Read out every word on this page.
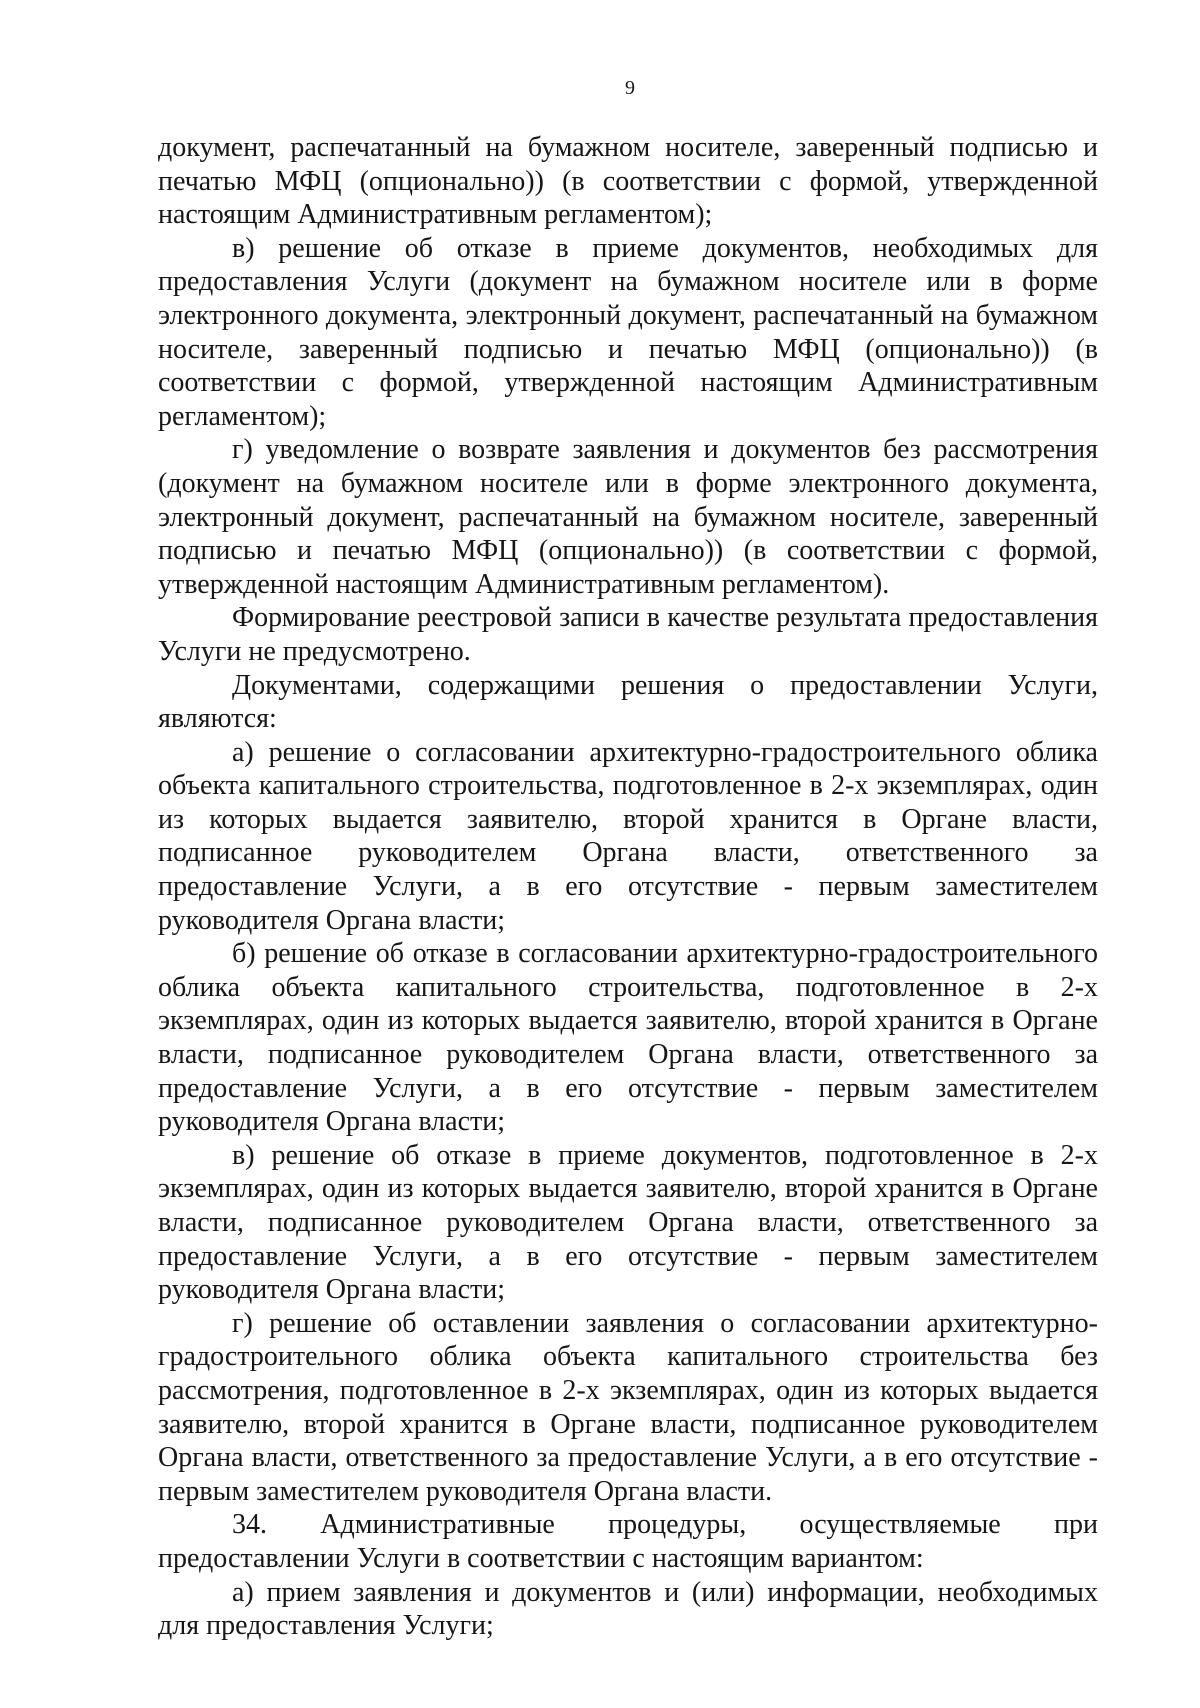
9

документ, распечатанный на бумажном носителе, заверенный подписью и печатью МФЦ (опционально)) (в соответствии с формой, утвержденной настоящим Административным регламентом);

в) решение об отказе в приеме документов, необходимых для предоставления Услуги (документ на бумажном носителе или в форме электронного документа, электронный документ, распечатанный на бумажном носителе, заверенный подписью и печатью МФЦ (опционально)) (в соответствии с формой, утвержденной настоящим Административным регламентом);

г) уведомление о возврате заявления и документов без рассмотрения (документ на бумажном носителе или в форме электронного документа, электронный документ, распечатанный на бумажном носителе, заверенный подписью и печатью МФЦ (опционально)) (в соответствии с формой, утвержденной настоящим Административным регламентом).

Формирование реестровой записи в качестве результата предоставления Услуги не предусмотрено.

Документами, содержащими решения о предоставлении Услуги, являются:

а) решение о согласовании архитектурно-градостроительного облика объекта капитального строительства, подготовленное в 2-х экземплярах, один из которых выдается заявителю, второй хранится в Органе власти, подписанное руководителем Органа власти, ответственного за предоставление Услуги, а в его отсутствие - первым заместителем руководителя Органа власти;

б) решение об отказе в согласовании архитектурно-градостроительного облика объекта капитального строительства, подготовленное в 2-х экземплярах, один из которых выдается заявителю, второй хранится в Органе власти, подписанное руководителем Органа власти, ответственного за предоставление Услуги, а в его отсутствие - первым заместителем руководителя Органа власти;

в) решение об отказе в приеме документов, подготовленное в 2-х экземплярах, один из которых выдается заявителю, второй хранится в Органе власти, подписанное руководителем Органа власти, ответственного за предоставление Услуги, а в его отсутствие - первым заместителем руководителя Органа власти;

г) решение об оставлении заявления о согласовании архитектурно-градостроительного облика объекта капитального строительства без рассмотрения, подготовленное в 2-х экземплярах, один из которых выдается заявителю, второй хранится в Органе власти, подписанное руководителем Органа власти, ответственного за предоставление Услуги, а в его отсутствие - первым заместителем руководителя Органа власти.

34. Административные процедуры, осуществляемые при предоставлении Услуги в соответствии с настоящим вариантом:

а) прием заявления и документов и (или) информации, необходимых для предоставления Услуги;
